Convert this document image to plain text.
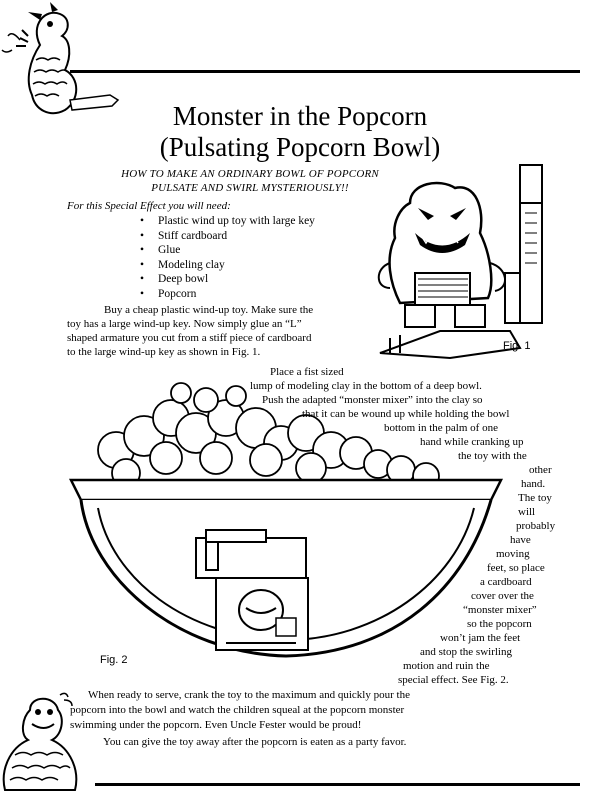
Monster in the Popcorn
(Pulsating Popcorn Bowl)
HOW TO MAKE AN ORDINARY BOWL OF POPCORN
PULSATE AND SWIRL MYSTERIOUSLY!!
For this Special Effect you will need:
• Plastic wind up toy with large key
• Stiff cardboard
• Glue
• Modeling clay
• Deep bowl
• Popcorn
Buy a cheap plastic wind-up toy. Make sure the
toy has a large wind-up key. Now simply glue an “L”
shaped armature you cut from a stiff piece of cardboard
to the large wind-up key as shown in Fig. 1.	Fig. 1
Fig. 2
Place a fist sized
lump of modeling clay in the bottom of a deep bowl.
Push the adapted “monster mixer” into the clay so
that it can be wound up while holding the bowl
bottom in the palm of one
hand while cranking up
the toy with the
other
hand.
The toy
will
probably
have
moving
feet, so place
a cardboard
cover over the
“monster mixer”
so the popcorn
won’t jam the feet
and stop the swirling
motion and ruin the
special effect. See Fig. 2.
When ready to serve, crank the toy to the maximum and quickly pour the
popcorn into the bowl and watch the children squeal at the popcorn monster
swimming under the popcorn. Even Uncle Fester would be proud!
You can give the toy away after the popcorn is eaten as a party favor.
